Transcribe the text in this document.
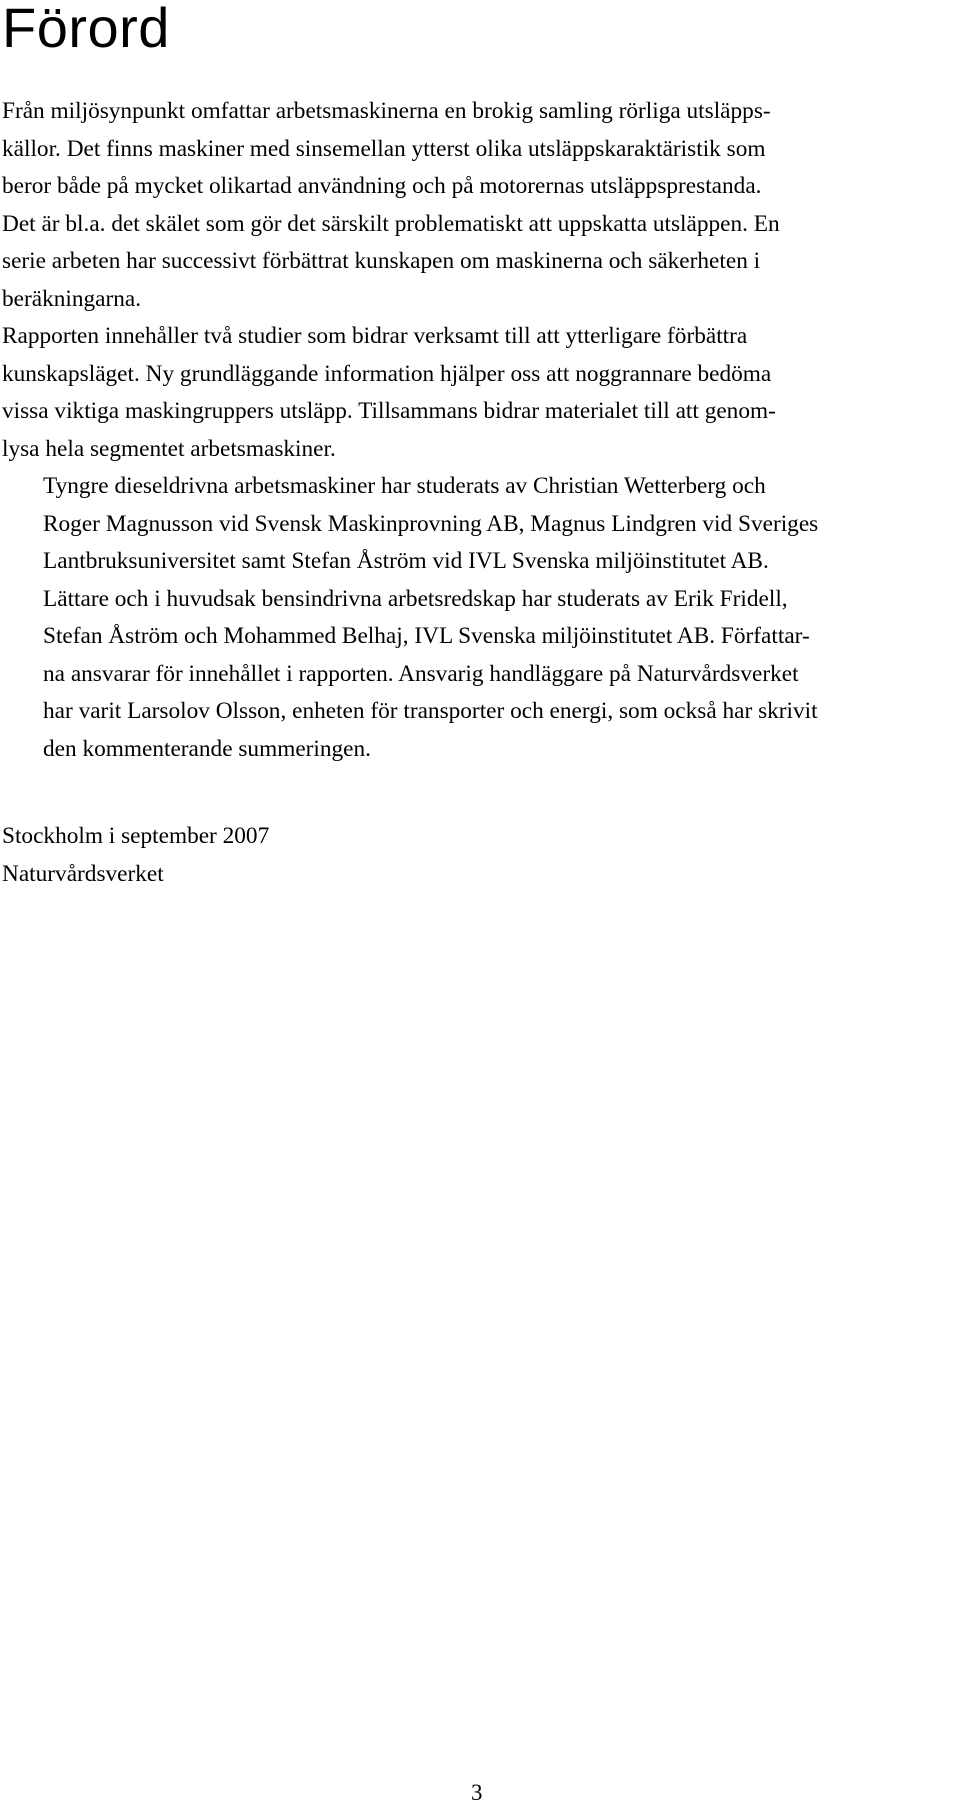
Förord

Från miljösynpunkt omfattar arbetsmaskinerna en brokig samling rörliga utsläpps-
källor. Det finns maskiner med sinsemellan ytterst olika utsläppskaraktäristik som
beror både på mycket olikartad användning och på motorernas utsläppsprestanda.
Det är bl.a. det skälet som gör det särskilt problematiskt att uppskatta utsläppen. En
serie arbeten har successivt förbättrat kunskapen om maskinerna och säkerheten i
beräkningarna.

Rapporten innehåller två studier som bidrar verksamt till att ytterligare förbättra
kunskapsläget. Ny grundläggande information hjälper oss att noggrannare bedöma
vissa viktiga maskingruppers utsläpp. Tillsammans bidrar materialet till att genom-
lysa hela segmentet arbetsmaskiner.

Tyngre dieseldrivna arbetsmaskiner har studerats av Christian Wetterberg och
Roger Magnusson vid Svensk Maskinprovning AB, Magnus Lindgren vid Sveriges
Lantbruksuniversitet samt Stefan Åström vid IVL Svenska miljöinstitutet AB.
Lättare och i huvudsak bensindrivna arbetsredskap har studerats av Erik Fridell,
Stefan Åström och Mohammed Belhaj, IVL Svenska miljöinstitutet AB. Författar-
na ansvarar för innehållet i rapporten. Ansvarig handläggare på Naturvårdsverket
har varit Larsolov Olsson, enheten för transporter och energi, som också har skrivit
den kommenterande summeringen.

Stockholm i september 2007
Naturvårdsverket
3
